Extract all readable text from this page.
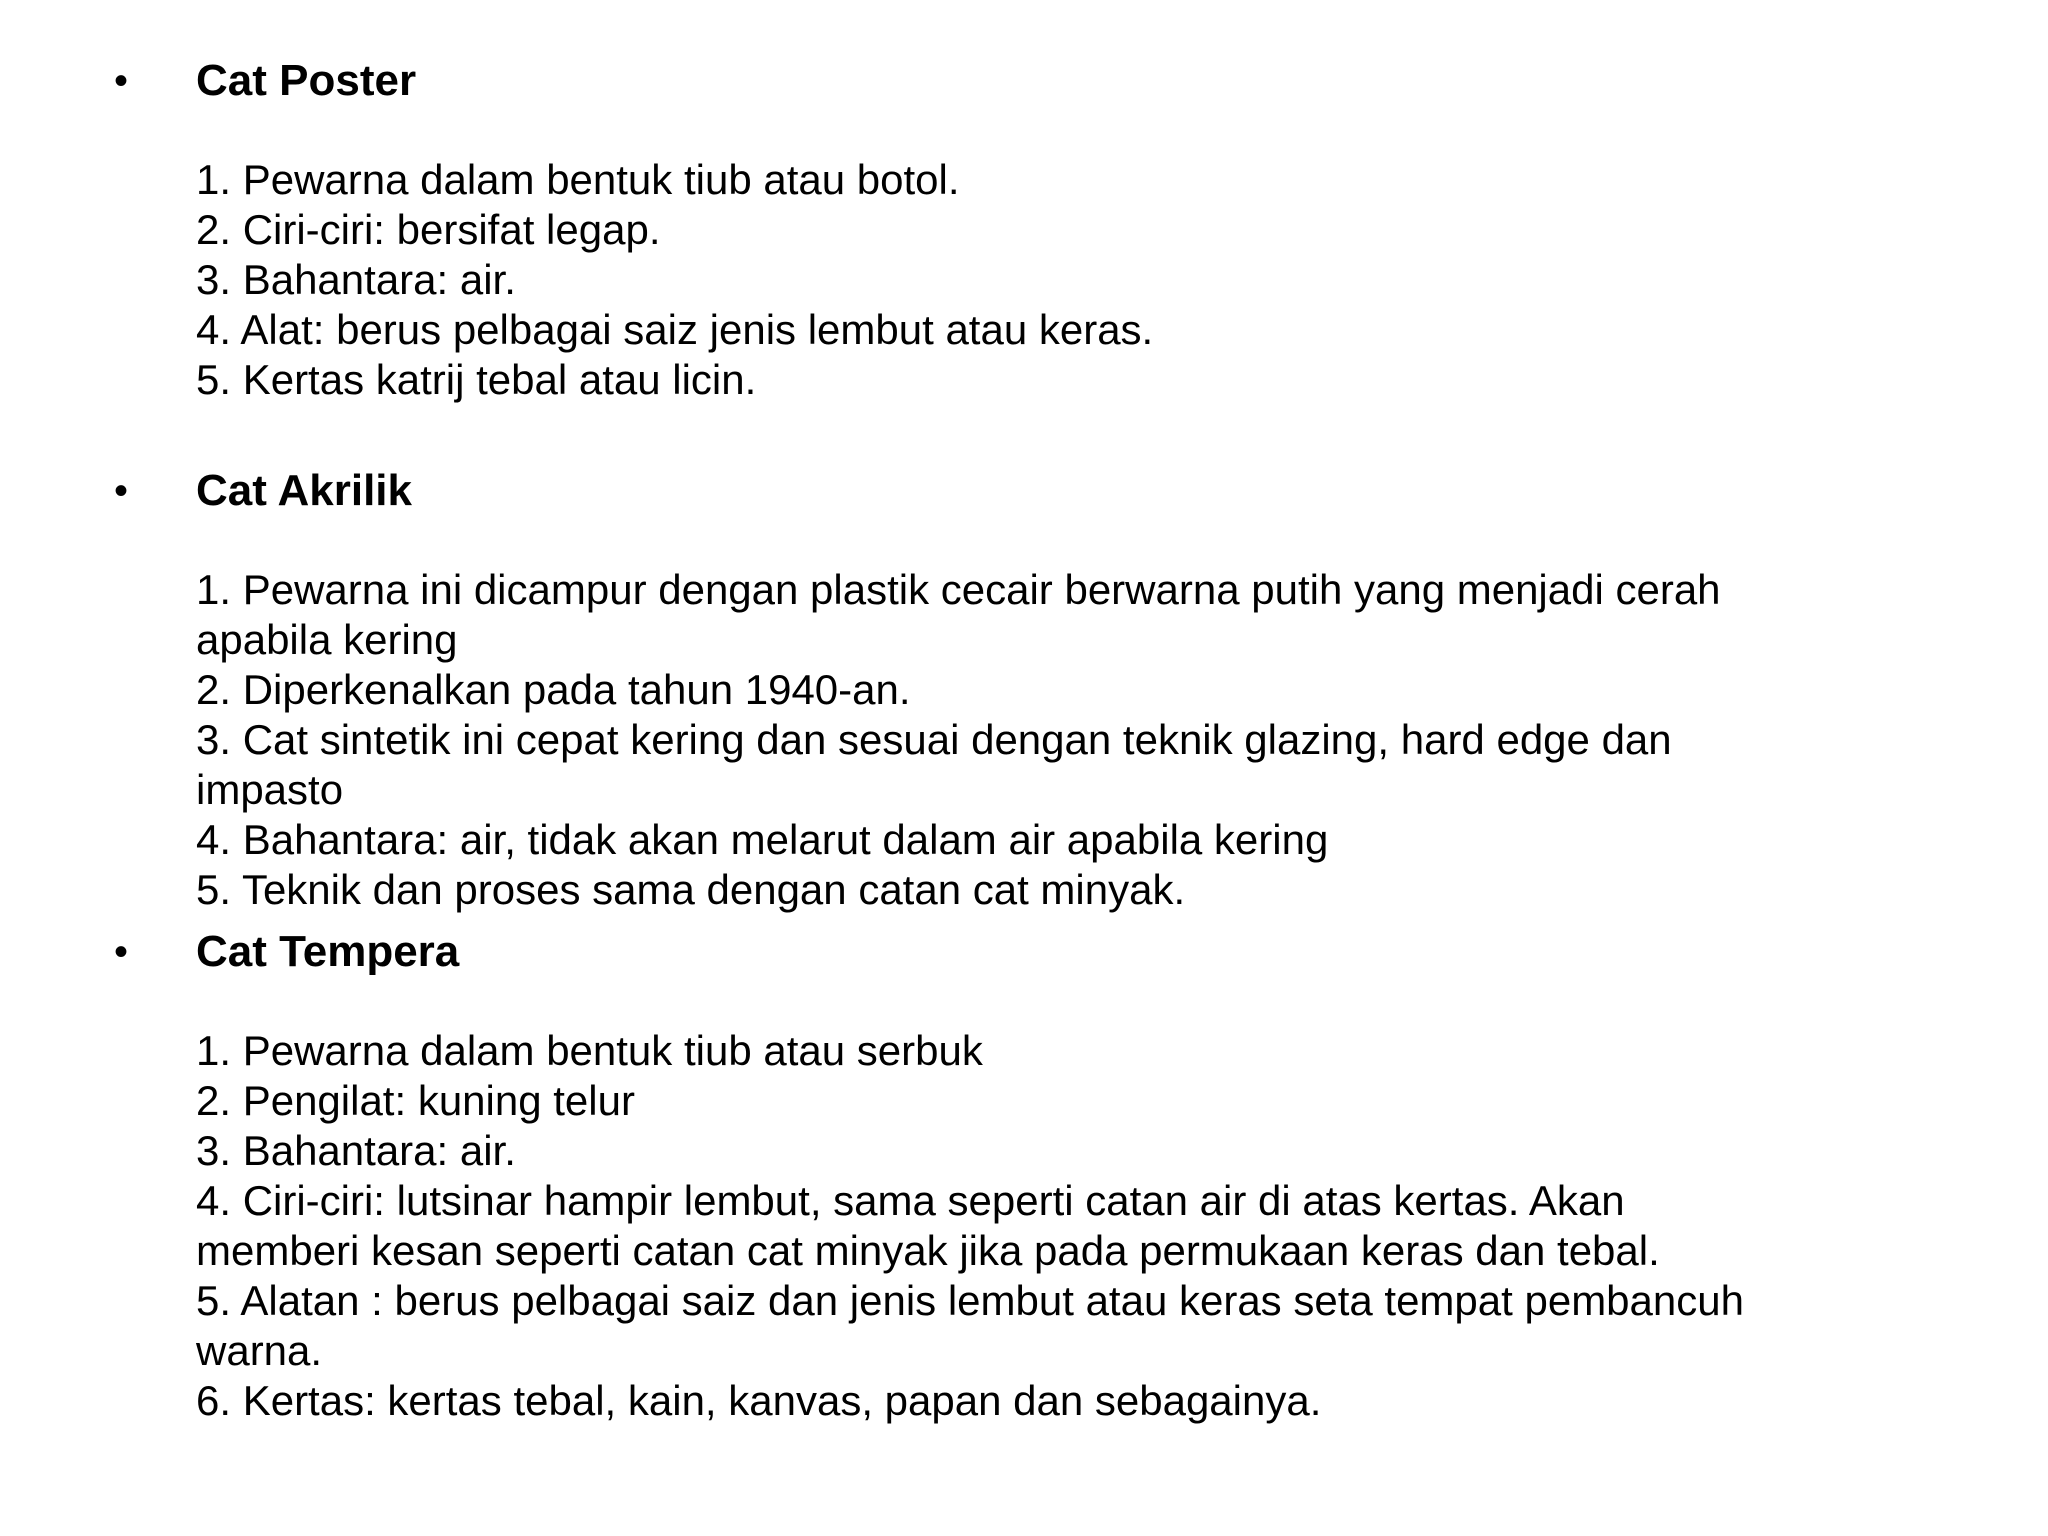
• Cat Poster
1. Pewarna dalam bentuk tiub atau botol.
2. Ciri-ciri: bersifat legap.
3. Bahantara: air.
4. Alat: berus pelbagai saiz jenis lembut atau keras.
5. Kertas katrij tebal atau licin.
• Cat Akrilik
1. Pewarna ini dicampur dengan plastik cecair berwarna putih yang menjadi cerah
apabila kering
2. Diperkenalkan pada tahun 1940-an.
3. Cat sintetik ini cepat kering dan sesuai dengan teknik glazing, hard edge dan
impasto
4. Bahantara: air, tidak akan melarut dalam air apabila kering
5. Teknik dan proses sama dengan catan cat minyak.
• Cat Tempera
1. Pewarna dalam bentuk tiub atau serbuk
2. Pengilat: kuning telur
3. Bahantara: air.
4. Ciri-ciri: lutsinar hampir lembut, sama seperti catan air di atas kertas. Akan
memberi kesan seperti catan cat minyak jika pada permukaan keras dan tebal.
5. Alatan : berus pelbagai saiz dan jenis lembut atau keras seta tempat pembancuh
warna.
6. Kertas: kertas tebal, kain, kanvas, papan dan sebagainya.
